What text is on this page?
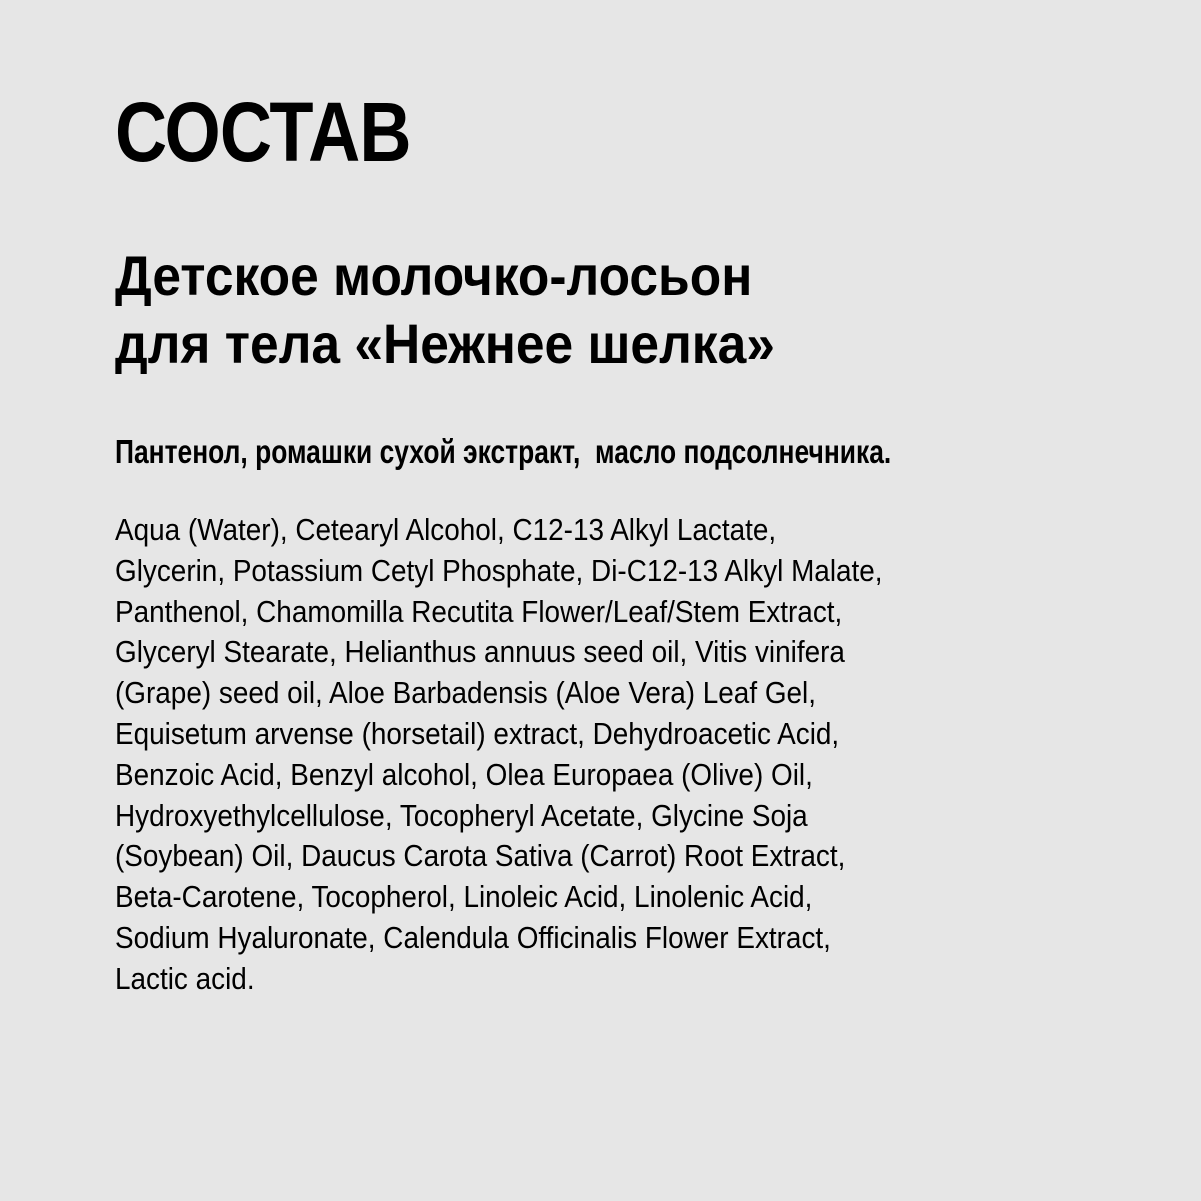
СОСТАВ
Детское молочко-лосьон
для тела «Нежнее шелка»

Пантенол, ромашки сухой экстракт,  масло подсолнечника.

Aqua (Water), Cetearyl Alcohol, C12-13 Alkyl Lactate,
Glycerin, Potassium Cetyl Phosphate, Di-C12-13 Alkyl Malate,
Panthenol, Chamomilla Recutita Flower/Leaf/Stem Extract,
Glyceryl Stearate, Helianthus annuus seed oil, Vitis vinifera
(Grape) seed oil, Aloe Barbadensis (Aloe Vera) Leaf Gel,
Equisetum arvense (horsetail) extract, Dehydroacetic Acid,
Benzoic Acid, Benzyl alcohol, Olea Europaea (Olive) Oil,
Hydroxyethylcellulose, Tocopheryl Acetate, Glycine Soja
(Soybean) Oil, Daucus Carota Sativa (Carrot) Root Extract,
Beta-Carotene, Tocopherol, Linoleic Acid, Linolenic Acid,
Sodium Hyaluronate, Calendula Officinalis Flower Extract,
Lactic acid.
